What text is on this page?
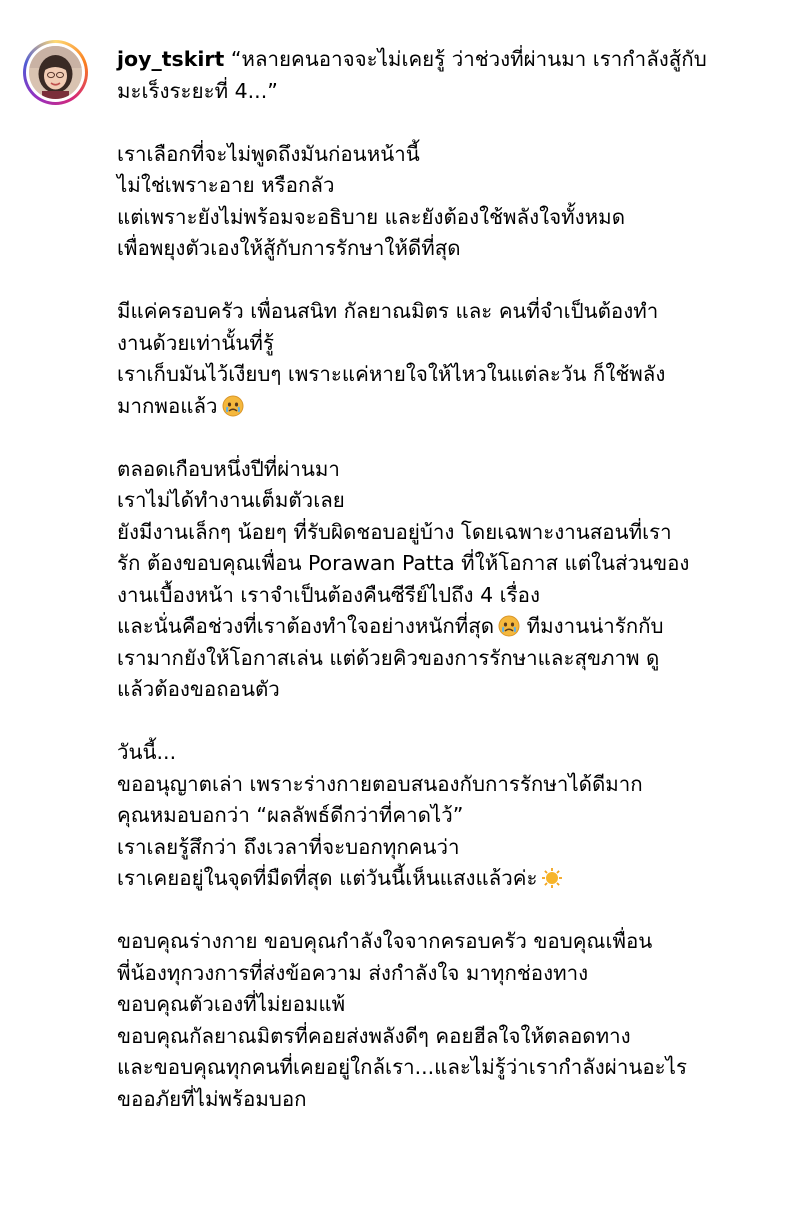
joy_tskirt “หลายคนอาจจะไม่เคยรู้ ว่าช่วงที่ผ่านมา เรากำลังสู้กับ
มะเร็งระยะที่ 4...”
เราเลือกที่จะไม่พูดถึงมันก่อนหน้านี้
ไม่ใช่เพราะอาย หรือกลัว
แต่เพราะยังไม่พร้อมจะอธิบาย และยังต้องใช้พลังใจทั้งหมด
เพื่อพยุงตัวเองให้สู้กับการรักษาให้ดีที่สุด
มีแค่ครอบครัว เพื่อนสนิท กัลยาณมิตร และ คนที่จำเป็นต้องทำ
งานด้วยเท่านั้นที่รู้
เราเก็บมันไว้เงียบๆ เพราะแค่หายใจให้ไหวในแต่ละวัน ก็ใช้พลัง
มากพอแล้ว
ตลอดเกือบหนึ่งปีที่ผ่านมา
เราไม่ได้ทำงานเต็มตัวเลย
ยังมีงานเล็กๆ น้อยๆ ที่รับผิดชอบอยู่บ้าง โดยเฉพาะงานสอนที่เรา
รัก ต้องขอบคุณเพื่อน Porawan Patta ที่ให้โอกาส แต่ในส่วนของ
งานเบื้องหน้า เราจำเป็นต้องคืนซีรีย์ไปถึง 4 เรื่อง
และนั่นคือช่วงที่เราต้องทำใจอย่างหนักที่สุด
ทีมงานน่ารักกับ
เรามากยังให้โอกาสเล่น แต่ด้วยคิวของการรักษาและสุขภาพ ดู
แล้วต้องขอถอนตัว
วันนี้...
ขออนุญาตเล่า เพราะร่างกายตอบสนองกับการรักษาได้ดีมาก
คุณหมอบอกว่า “ผลลัพธ์ดีกว่าที่คาดไว้”
เราเลยรู้สึกว่า ถึงเวลาที่จะบอกทุกคนว่า
เราเคยอยู่ในจุดที่มืดที่สุด แต่วันนี้เห็นแสงแล้วค่ะ
ขอบคุณร่างกาย ขอบคุณกำลังใจจากครอบครัว ขอบคุณเพื่อน
พี่น้องทุกวงการที่ส่งข้อความ ส่งกำลังใจ มาทุกช่องทาง
ขอบคุณตัวเองที่ไม่ยอมแพ้
ขอบคุณกัลยาณมิตรที่คอยส่งพลังดีๆ คอยฮีลใจให้ตลอดทาง
และขอบคุณทุกคนที่เคยอยู่ใกล้เรา...และไม่รู้ว่าเรากำลังผ่านอะไร
ขออภัยที่ไม่พร้อมบอก
